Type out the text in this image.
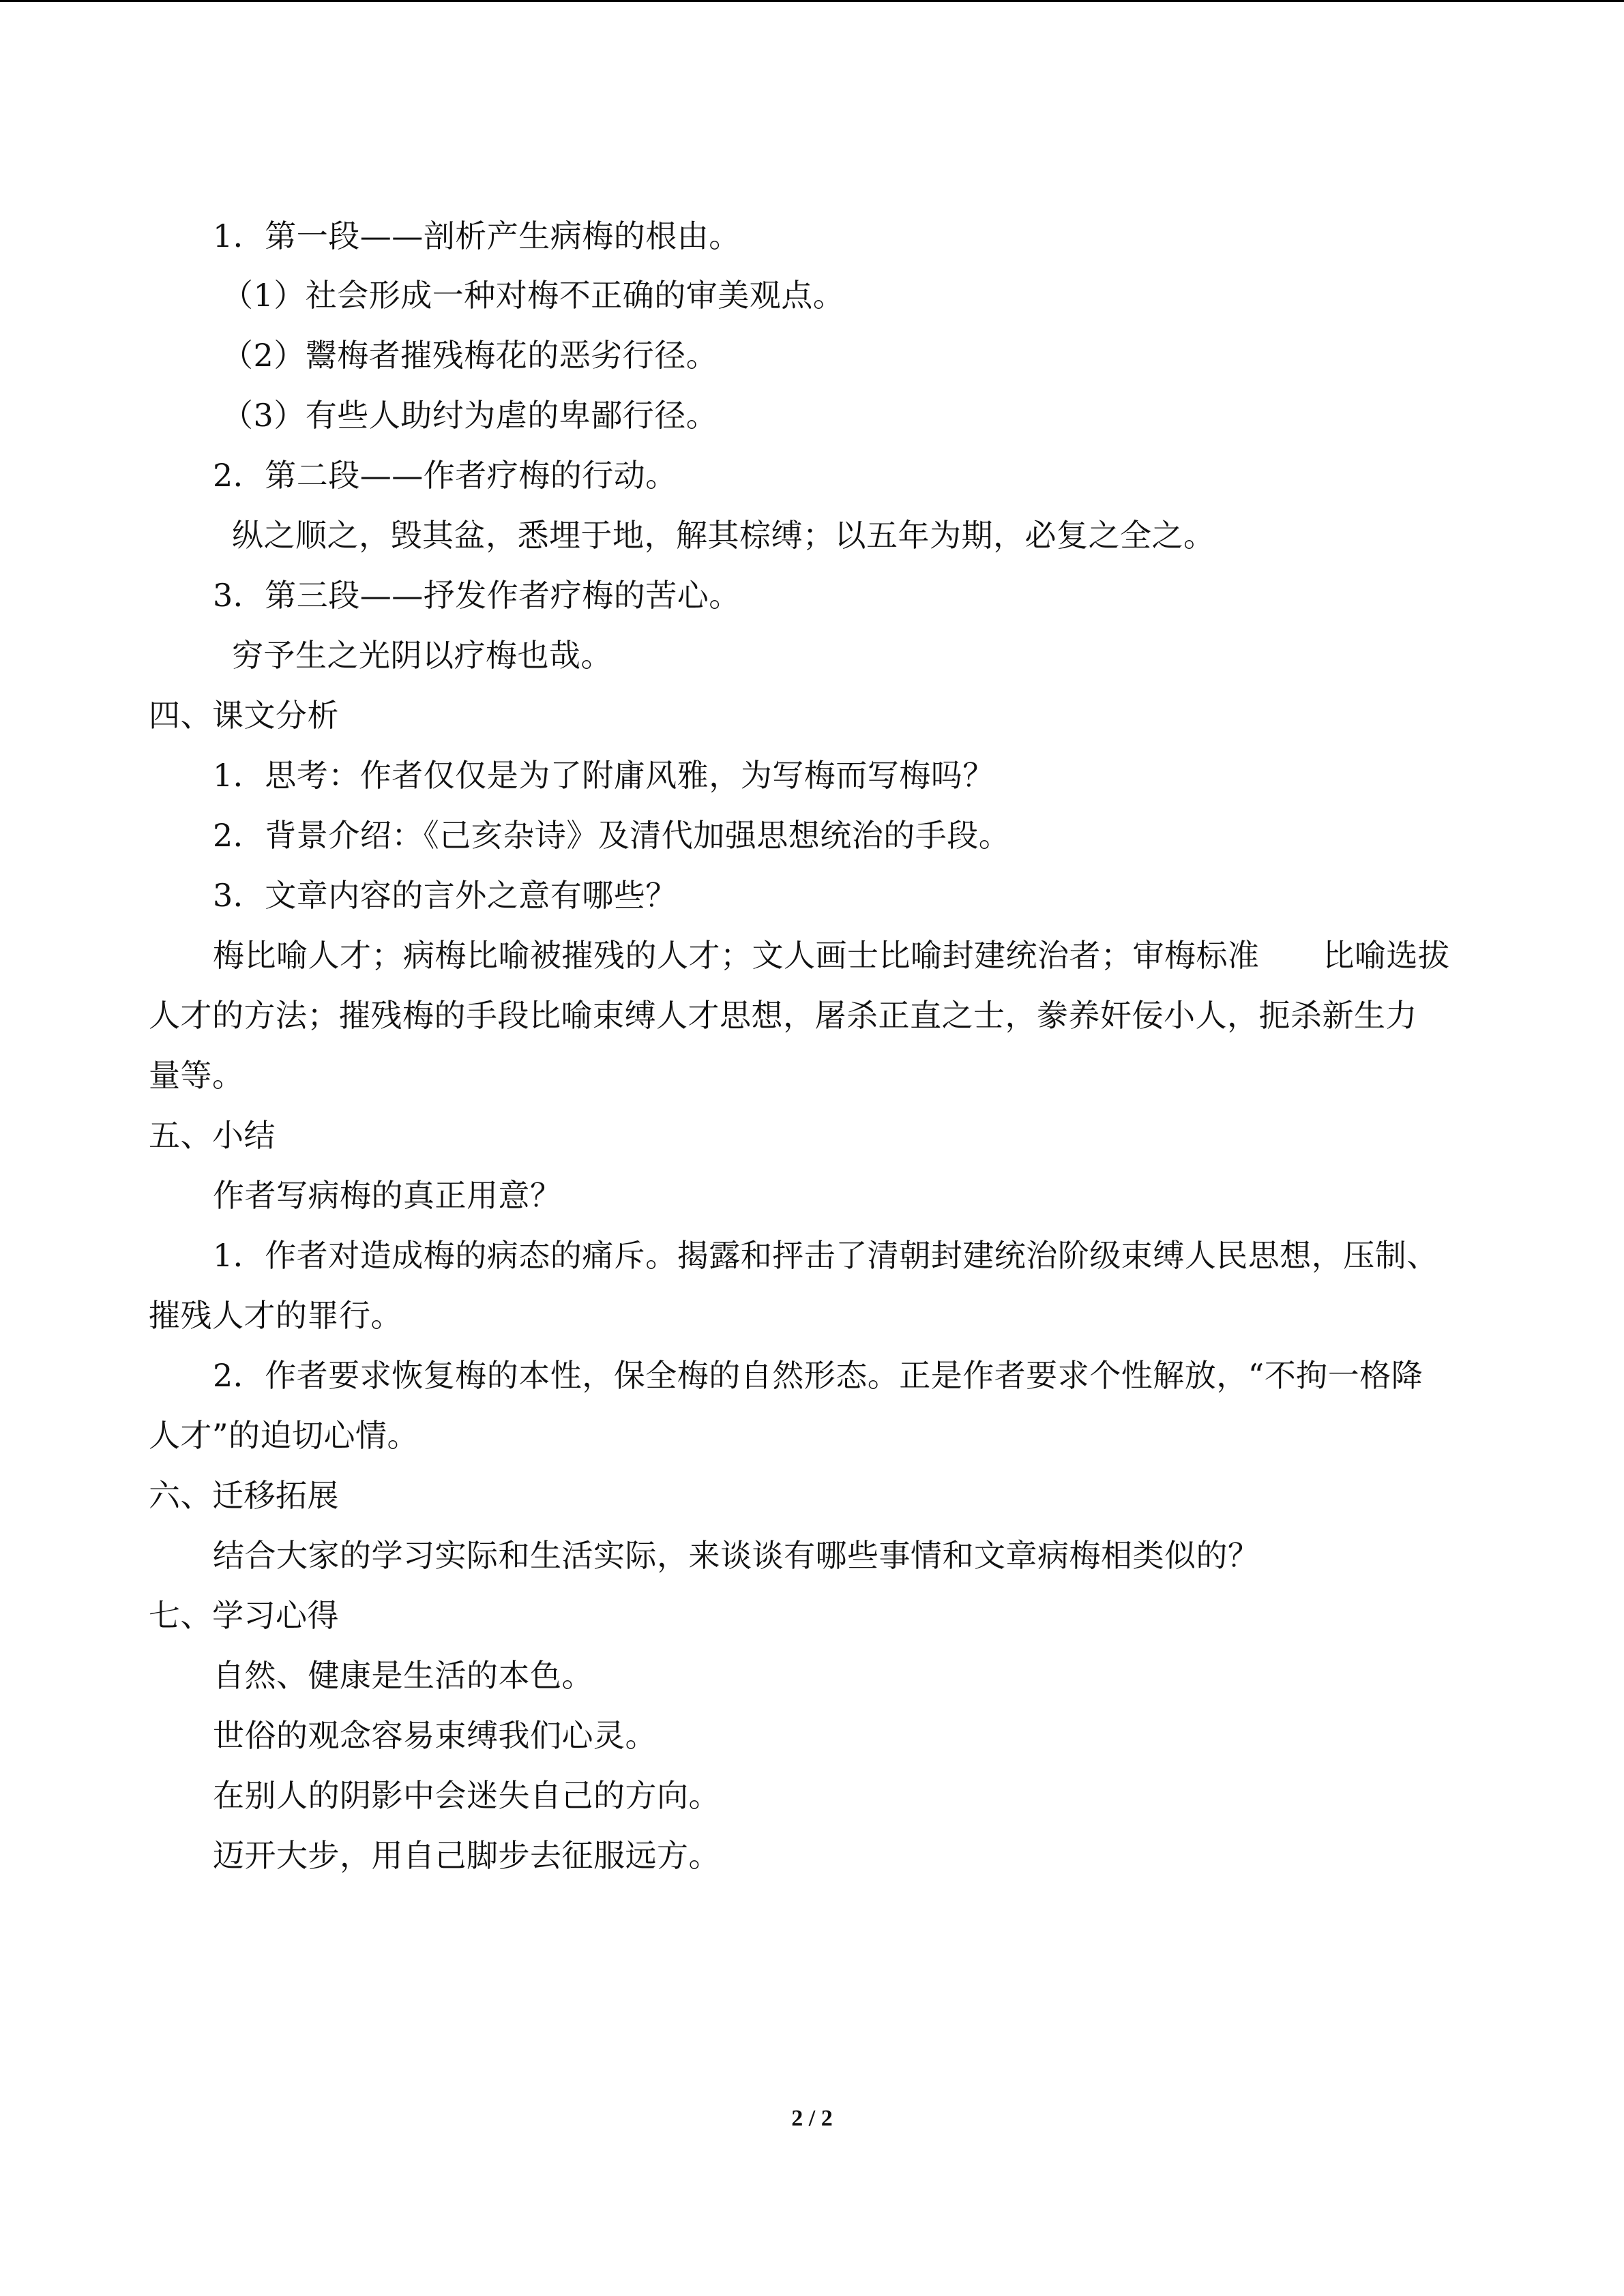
1．第一段——剖析产生病梅的根由。
（1）社会形成一种对梅不正确的审美观点。
（2）鬻梅者摧残梅花的恶劣行径。
（3）有些人助纣为虐的卑鄙行径。
2．第二段——作者疗梅的行动。
纵之顺之，毁其盆，悉埋于地，解其棕缚；以五年为期，必复之全之。
3．第三段——抒发作者疗梅的苦心。
穷予生之光阴以疗梅也哉。
四、课文分析
1．思考：作者仅仅是为了附庸风雅，为写梅而写梅吗？
2．背景介绍：《己亥杂诗》及清代加强思想统治的手段。
3．文章内容的言外之意有哪些？
梅比喻人才；病梅比喻被摧残的人才；文人画士比喻封建统治者；审梅标准　　比喻选拔
人才的方法；摧残梅的手段比喻束缚人才思想，屠杀正直之士，豢养奸佞小人，扼杀新生力
量等。
五、小结
作者写病梅的真正用意？
1．作者对造成梅的病态的痛斥。揭露和抨击了清朝封建统治阶级束缚人民思想，压制、
摧残人才的罪行。
2．作者要求恢复梅的本性，保全梅的自然形态。正是作者要求个性解放，“不拘一格降
人才”的迫切心情。
六、迁移拓展
结合大家的学习实际和生活实际，来谈谈有哪些事情和文章病梅相类似的？
七、学习心得
自然、健康是生活的本色。
世俗的观念容易束缚我们心灵。
在别人的阴影中会迷失自己的方向。
迈开大步，用自己脚步去征服远方。
2 / 2
